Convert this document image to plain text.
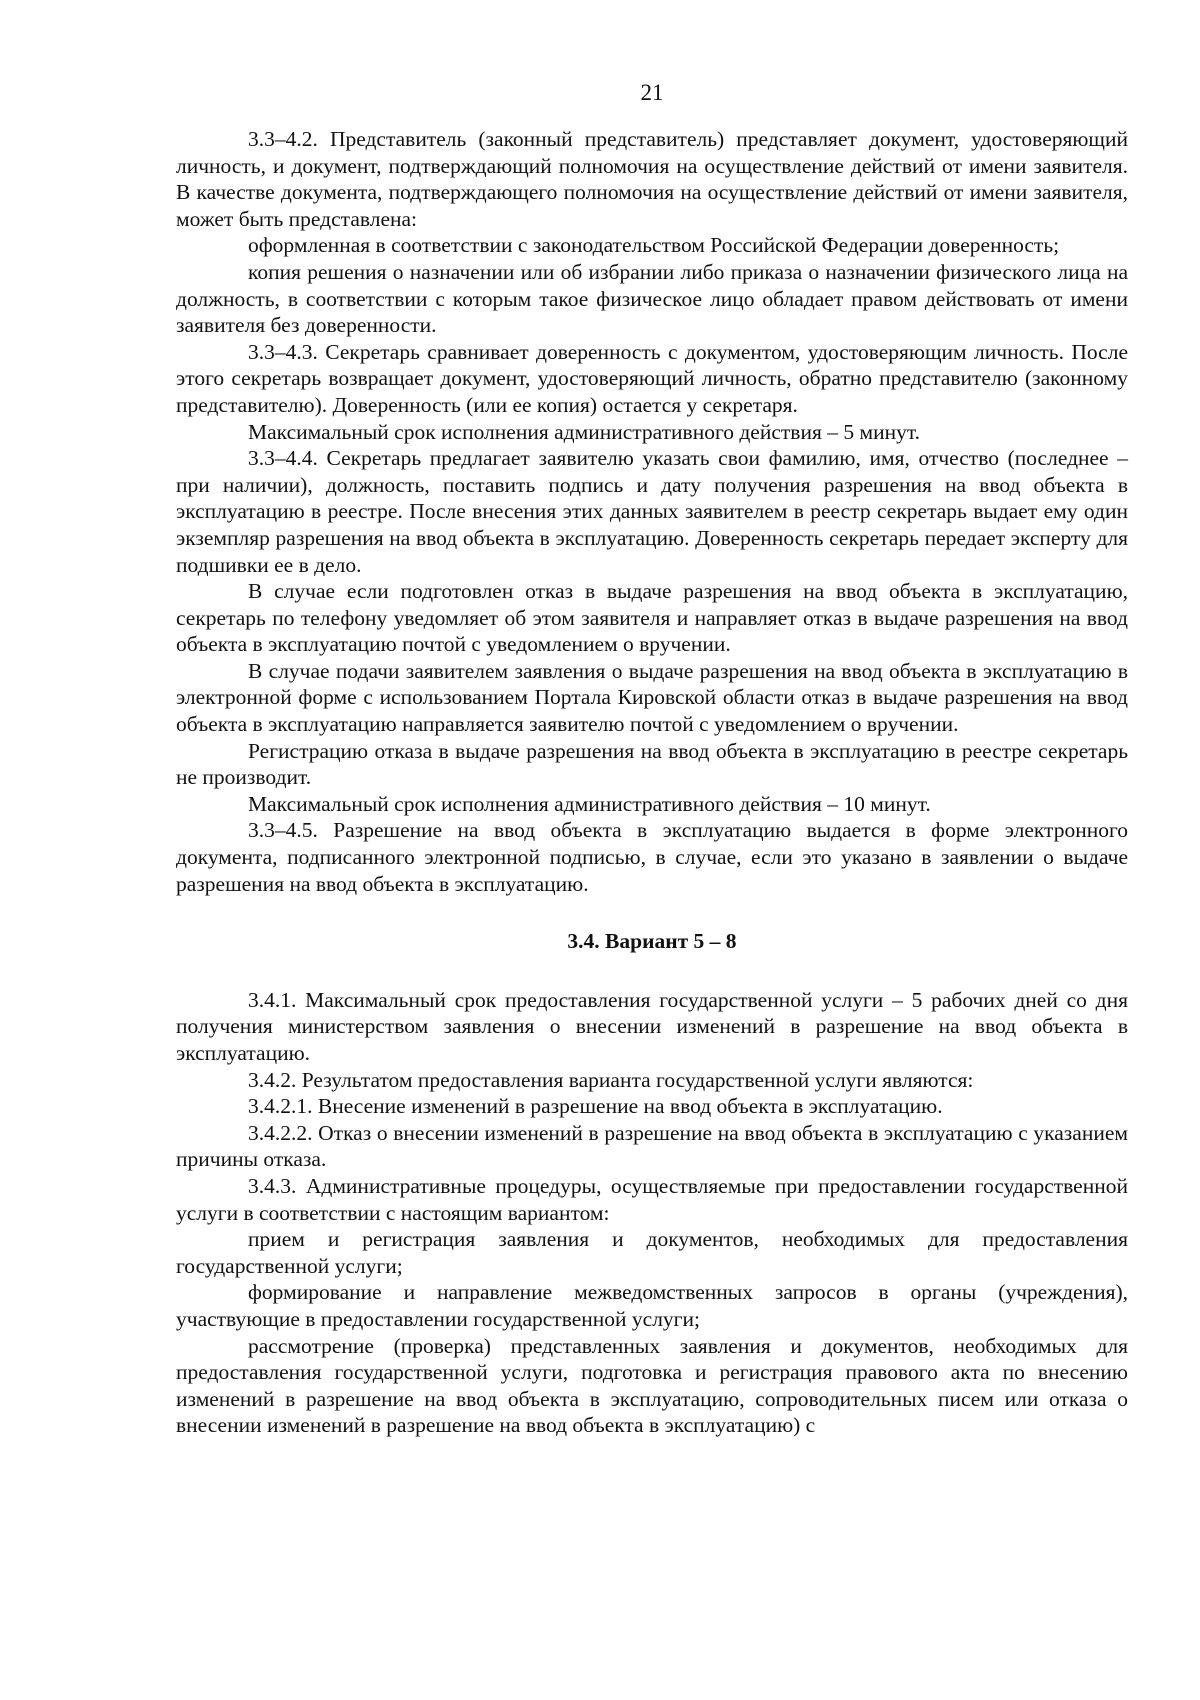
21

3.3–4.2. Представитель (законный представитель) представляет документ, удостоверяющий личность, и документ, подтверждающий полномочия на осуществление действий от имени заявителя. В качестве документа, подтверждающего полномочия на осуществление действий от имени заявителя, может быть представлена:

оформленная в соответствии с законодательством Российской Федерации доверенность;

копия решения о назначении или об избрании либо приказа о назначении физического лица на должность, в соответствии с которым такое физическое лицо обладает правом действовать от имени заявителя без доверенности.

3.3–4.3. Секретарь сравнивает доверенность с документом, удостоверяющим личность. После этого секретарь возвращает документ, удостоверяющий личность, обратно представителю (законному представителю). Доверенность (или ее копия) остается у секретаря.

Максимальный срок исполнения административного действия – 5 минут.

3.3–4.4. Секретарь предлагает заявителю указать свои фамилию, имя, отчество (последнее – при наличии), должность, поставить подпись и дату получения разрешения на ввод объекта в эксплуатацию в реестре. После внесения этих данных заявителем в реестр секретарь выдает ему один экземпляр разрешения на ввод объекта в эксплуатацию. Доверенность секретарь передает эксперту для подшивки ее в дело.

В случае если подготовлен отказ в выдаче разрешения на ввод объекта в эксплуатацию, секретарь по телефону уведомляет об этом заявителя и направляет отказ в выдаче разрешения на ввод объекта в эксплуатацию почтой с уведомлением о вручении.

В случае подачи заявителем заявления о выдаче разрешения на ввод объекта в эксплуатацию в электронной форме с использованием Портала Кировской области отказ в выдаче разрешения на ввод объекта в эксплуатацию направляется заявителю почтой с уведомлением о вручении.

Регистрацию отказа в выдаче разрешения на ввод объекта в эксплуатацию в реестре секретарь не производит.

Максимальный срок исполнения административного действия – 10 минут.

3.3–4.5. Разрешение на ввод объекта в эксплуатацию выдается в форме электронного документа, подписанного электронной подписью, в случае, если это указано в заявлении о выдаче разрешения на ввод объекта в эксплуатацию.

3.4. Вариант 5 – 8

3.4.1. Максимальный срок предоставления государственной услуги – 5 рабочих дней со дня получения министерством заявления о внесении изменений в разрешение на ввод объекта в эксплуатацию.

3.4.2. Результатом предоставления варианта государственной услуги являются:

3.4.2.1. Внесение изменений в разрешение на ввод объекта в эксплуатацию.

3.4.2.2. Отказ о внесении изменений в разрешение на ввод объекта в эксплуатацию с указанием причины отказа.

3.4.3. Административные процедуры, осуществляемые при предоставлении государственной услуги в соответствии с настоящим вариантом:

прием и регистрация заявления и документов, необходимых для предоставления государственной услуги;

формирование и направление межведомственных запросов в органы (учреждения), участвующие в предоставлении государственной услуги;

рассмотрение (проверка) представленных заявления и документов, необходимых для предоставления государственной услуги, подготовка и регистрация правового акта по внесению изменений в разрешение на ввод объекта в эксплуатацию, сопроводительных писем или отказа о внесении изменений в разрешение на ввод объекта в эксплуатацию) с
